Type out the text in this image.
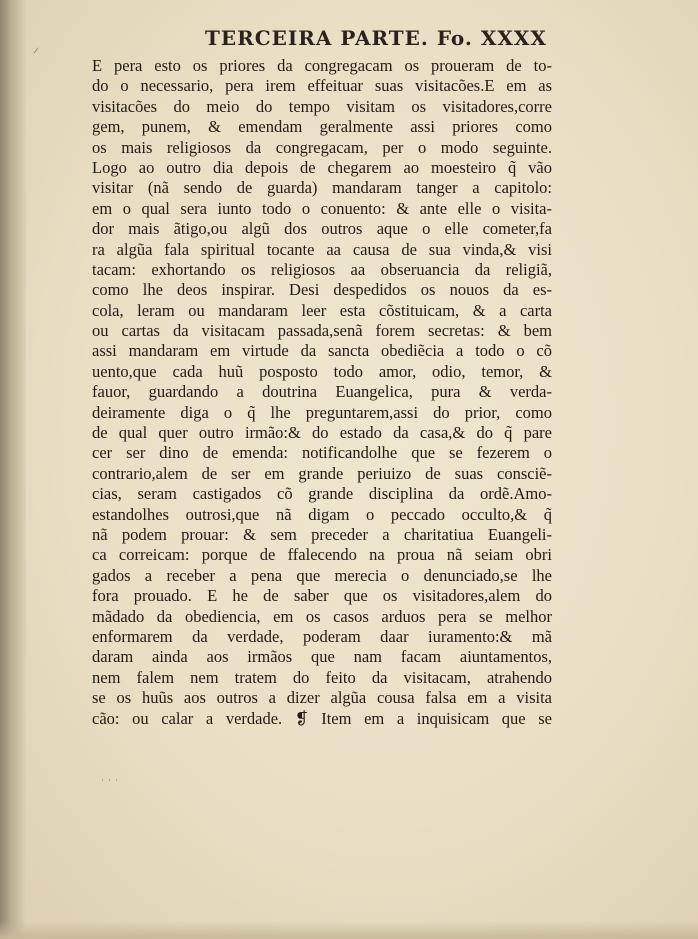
⸝	TERCEIRA PARTE. Fo. XXXX
E pera esto os priores da congregacam os proueram de to-
do o necessario, pera irem effeituar suas visitacões.E em as
visitacões do meio do tempo visitam os visitadores,corre
gem, punem, & emendam geralmente assi priores como
os mais religiosos da congregacam, per o modo seguinte.
Logo ao outro dia depois de chegarem ao moesteiro q̃ vão
visitar (nã sendo de guarda) mandaram tanger a capitolo:
em o qual sera iunto todo o conuento: & ante elle o visita-
dor mais ãtigo,ou algũ dos outros aque o elle cometer,fa
ra algũa fala spiritual tocante aa causa de sua vinda,& visi
tacam: exhortando os religiosos aa obseruancia da religiã,
como lhe deos inspirar. Desi despedidos os nouos da es-
cola, leram ou mandaram leer esta cõstituicam, & a carta
ou cartas da visitacam passada,senã forem secretas: & bem
assi mandaram em virtude da sancta obediẽcia a todo o cõ
uento,que cada huũ posposto todo amor, odio, temor, &
fauor, guardando a doutrina Euangelica, pura & verda-
deiramente diga o q̃ lhe preguntarem,assi do prior, como
de qual quer outro irmão:& do estado da casa,& do q̃ pare
cer ser dino de emenda: notificandolhe que se fezerem o
contrario,alem de ser em grande periuizo de suas consciẽ-
cias, seram castigados cõ grande disciplina da ordẽ.Amo-
estandolhes outrosi,que nã digam o peccado occulto,& q̃
nã podem prouar: & sem preceder a charitatiua Euangeli-
ca correicam: porque de ffalecendo na proua nã seiam obri
gados a receber a pena que merecia o denunciado,se lhe
fora prouado. E he de saber que os visitadores,alem do
mãdado da obediencia, em os casos arduos pera se melhor
enformarem da verdade, poderam daar iuramento:& mã
daram ainda aos irmãos que nam facam aiuntamentos,
nem falem nem tratem do feito da visitacam, atrahendo
se os huũs aos outros a dizer algũa cousa falsa em a visita
cão: ou calar a verdade. ❡ Item em a inquisicam que se
˙˙˙
